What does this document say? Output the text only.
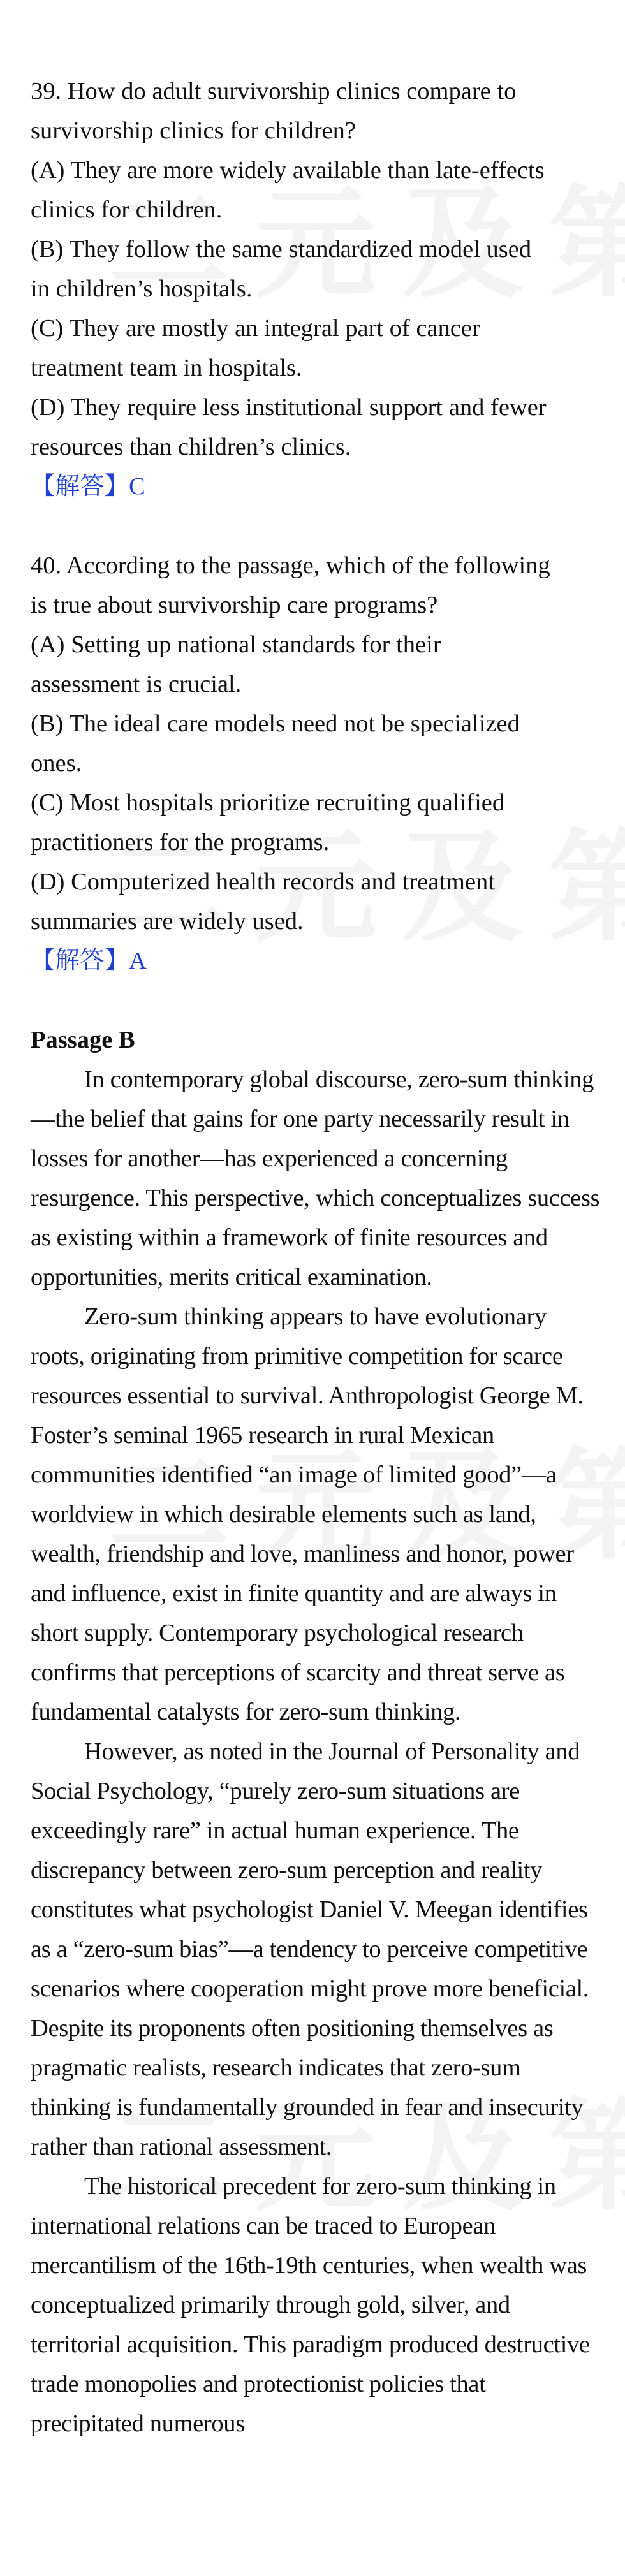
39. How do adult survivorship clinics compare to

survivorship clinics for children?

(A) They are more widely available than late-effects

clinics for children.

(B) They follow the same standardized model used

in children’s hospitals.

(C) They are mostly an integral part of cancer

treatment team in hospitals.

(D) They require less institutional support and fewer

resources than children’s clinics.

【解答】C

40. According to the passage, which of the following

is true about survivorship care programs?

(A) Setting up national standards for their

assessment is crucial.

(B) The ideal care models need not be specialized

ones.

(C) Most hospitals prioritize recruiting qualified

practitioners for the programs.

(D) Computerized health records and treatment

summaries are widely used.

【解答】A

Passage B

In contemporary global discourse, zero-sum thinking—the belief that gains for one party necessarily result in losses for another—has experienced a concerning resurgence. This perspective, which conceptualizes success as existing within a framework of finite resources and opportunities, merits critical examination.

Zero-sum thinking appears to have evolutionary roots, originating from primitive competition for scarce resources essential to survival. Anthropologist George M. Foster’s seminal 1965 research in rural Mexican communities identified “an image of limited good”—a worldview in which desirable elements such as land, wealth, friendship and love, manliness and honor, power and influence, exist in finite quantity and are always in short supply. Contemporary psychological research confirms that perceptions of scarcity and threat serve as fundamental catalysts for zero-sum thinking.

However, as noted in the Journal of Personality and Social Psychology, “purely zero-sum situations are exceedingly rare” in actual human experience. The discrepancy between zero-sum perception and reality constitutes what psychologist Daniel V. Meegan identifies as a “zero-sum bias”—a tendency to perceive competitive scenarios where cooperation might prove more beneficial. Despite its proponents often positioning themselves as pragmatic realists, research indicates that zero-sum thinking is fundamentally grounded in fear and insecurity rather than rational assessment.

The historical precedent for zero-sum thinking in international relations can be traced to European mercantilism of the 16th-19th centuries, when wealth was conceptualized primarily through gold, silver, and territorial acquisition. This paradigm produced destructive trade monopolies and protectionist policies that precipitated numerous
